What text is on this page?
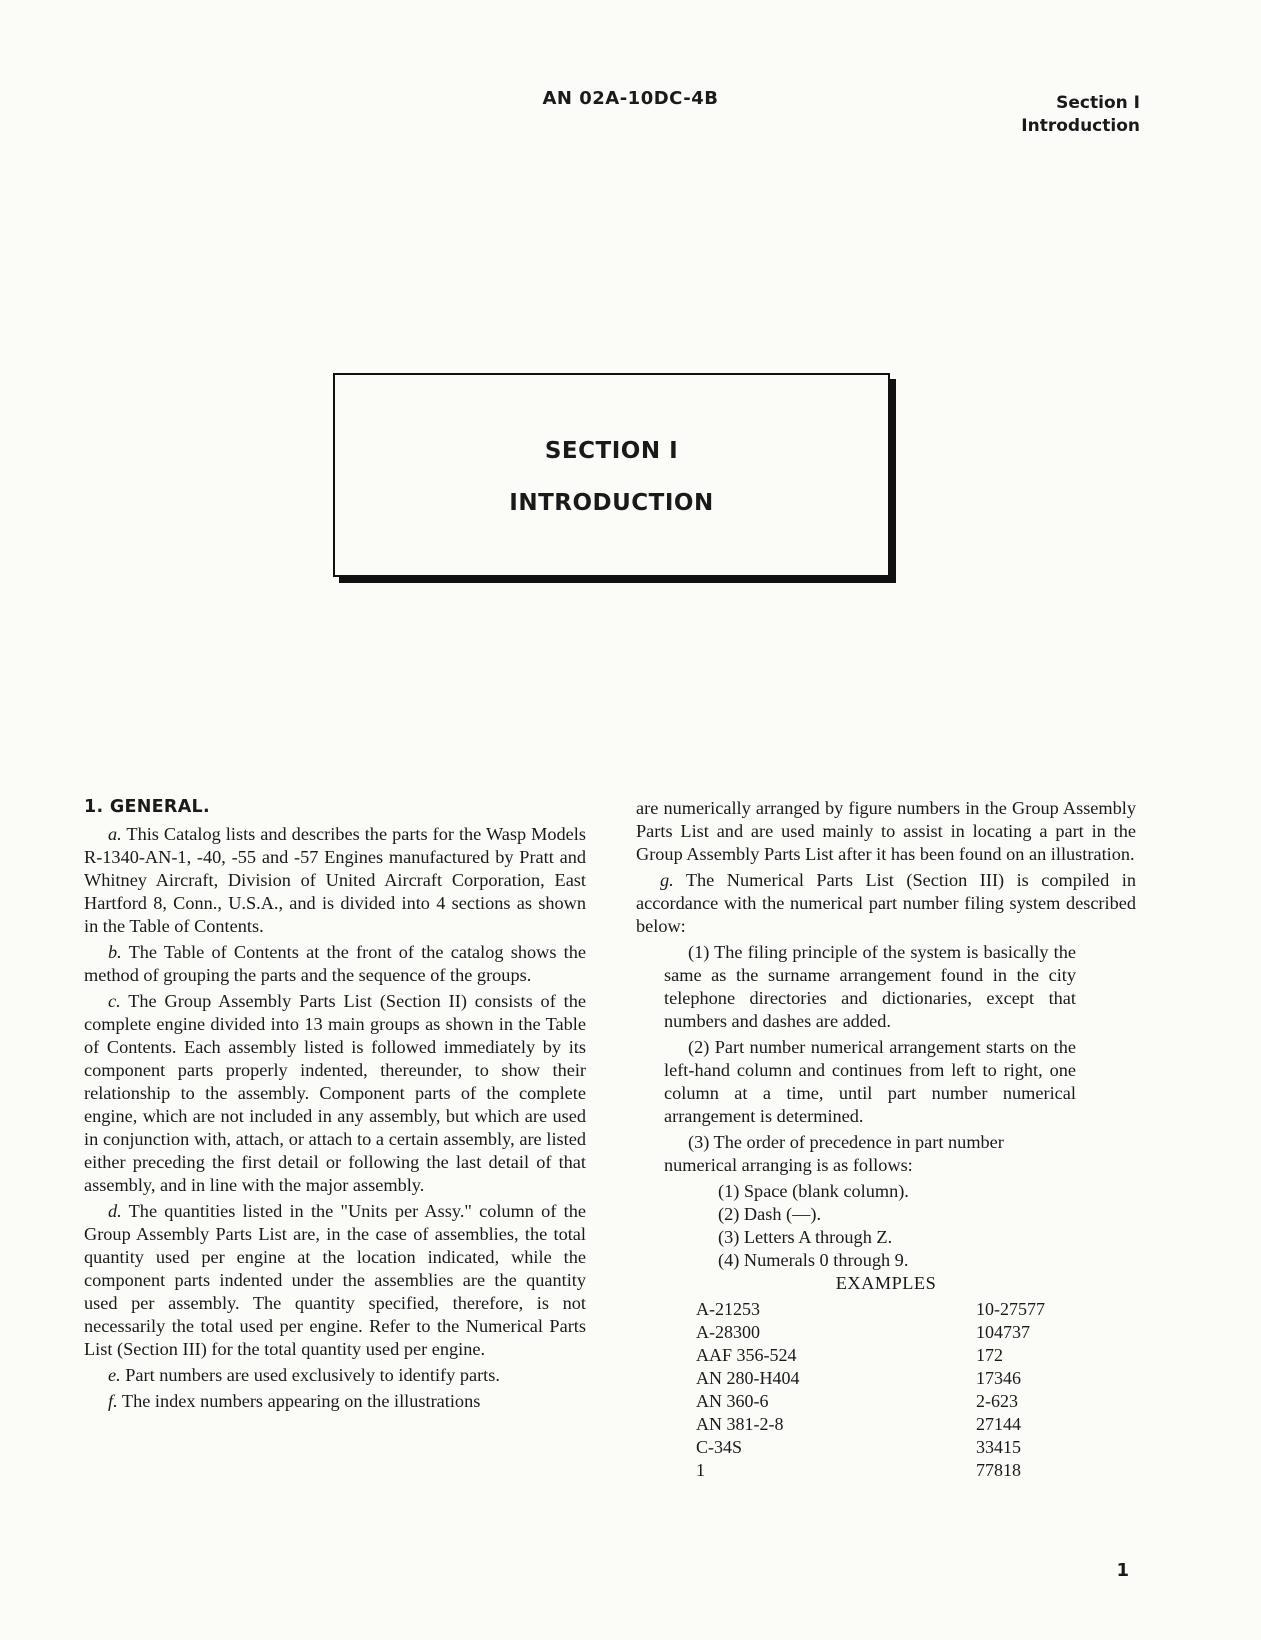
AN 02A-10DC-4B	Section I
Introduction
SECTION I
INTRODUCTION
1. GENERAL.

a. This Catalog lists and describes the parts for the Wasp Models R-1340-AN-1, -40, -55 and -57 Engines manufactured by Pratt and Whitney Aircraft, Division of United Aircraft Corporation, East Hartford 8, Conn., U.S.A., and is divided into 4 sections as shown in the Table of Contents.

b. The Table of Contents at the front of the catalog shows the method of grouping the parts and the sequence of the groups.

c. The Group Assembly Parts List (Section II) consists of the complete engine divided into 13 main groups as shown in the Table of Contents. Each assembly listed is followed immediately by its component parts properly indented, thereunder, to show their relationship to the assembly. Component parts of the complete engine, which are not included in any assembly, but which are used in conjunction with, attach, or attach to a certain assembly, are listed either preceding the first detail or following the last detail of that assembly, and in line with the major assembly.

d. The quantities listed in the "Units per Assy." column of the Group Assembly Parts List are, in the case of assemblies, the total quantity used per engine at the location indicated, while the component parts indented under the assemblies are the quantity used per assembly. The quantity specified, therefore, is not necessarily the total used per engine. Refer to the Numerical Parts List (Section III) for the total quantity used per engine.

e. Part numbers are used exclusively to identify parts.

f. The index numbers appearing on the illustrations

are numerically arranged by figure numbers in the Group Assembly Parts List and are used mainly to assist in locating a part in the Group Assembly Parts List after it has been found on an illustration.

g. The Numerical Parts List (Section III) is compiled in accordance with the numerical part number filing system described below:

(1) The filing principle of the system is basically the same as the surname arrangement found in the city telephone directories and dictionaries, except that numbers and dashes are added.

(2) Part number numerical arrangement starts on the left-hand column and continues from left to right, one column at a time, until part number numerical arrangement is determined.

(3) The order of precedence in part number numerical arranging is as follows:

(1) Space (blank column).
(2) Dash (—).
(3) Letters A through Z.
(4) Numerals 0 through 9.

EXAMPLES

A-21253	10-27577
A-28300	104737
AAF 356-524	172
AN 280-H404	17346
AN 360-6	2-623
AN 381-2-8	27144
C-34S	33415
1	77818
1
